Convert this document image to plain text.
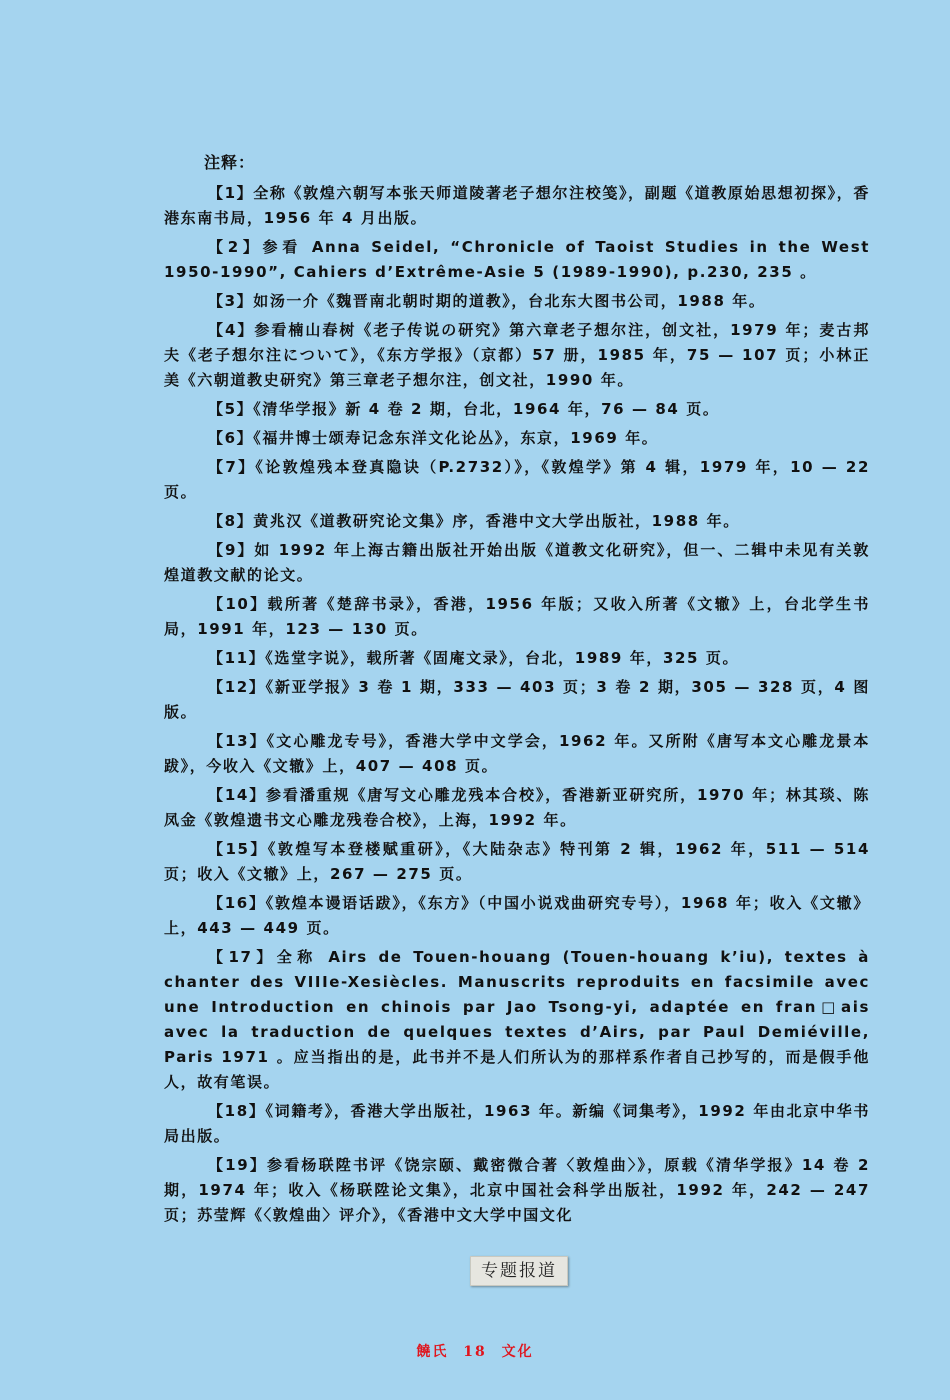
注释：

【1】全称《敦煌六朝写本张天师道陵著老子想尔注校笺》，副题《道教原始思想初探》，香港东南书局，1956 年 4 月出版。

【2】参看 Anna Seidel, “Chronicle of Taoist Studies in the West 1950-1990”, Cahiers d’Extrême-Asie 5 (1989-1990), p.230, 235 。

【3】如汤一介《魏晋南北朝时期的道教》，台北东大图书公司，1988 年。

【4】参看楠山春树《老子传说の研究》第六章老子想尔注，创文社，1979 年；麦古邦夫《老子想尔注について》，《东方学报》（京都）57 册，1985 年，75 — 107 页；小林正美《六朝道教史研究》第三章老子想尔注，创文社，1990 年。

【5】《清华学报》新 4 卷 2 期，台北，1964 年，76 — 84 页。

【6】《福井博士颂寿记念东洋文化论丛》，东京，1969 年。

【7】《论敦煌残本登真隐诀（P.2732）》，《敦煌学》第 4 辑，1979 年，10 — 22 页。

【8】黄兆汉《道教研究论文集》序，香港中文大学出版社，1988 年。

【9】如 1992 年上海古籍出版社开始出版《道教文化研究》，但一、二辑中未见有关敦煌道教文献的论文。

【10】载所著《楚辞书录》，香港，1956 年版；又收入所著《文辙》上，台北学生书局，1991 年，123 — 130 页。

【11】《选堂字说》，载所著《固庵文录》，台北，1989 年，325 页。

【12】《新亚学报》3 卷 1 期，333 — 403 页；3 卷 2 期，305 — 328 页，4 图版。

【13】《文心雕龙专号》，香港大学中文学会，1962 年。又所附《唐写本文心雕龙景本跋》，今收入《文辙》上，407 — 408 页。

【14】参看潘重规《唐写文心雕龙残本合校》，香港新亚研究所，1970 年；林其琰、陈凤金《敦煌遗书文心雕龙残卷合校》，上海，1992 年。

【15】《敦煌写本登楼赋重研》，《大陆杂志》特刊第 2 辑，1962 年，511 — 514 页；收入《文辙》上，267 — 275 页。

【16】《敦煌本谩语话跋》，《东方》（中国小说戏曲研究专号），1968 年；收入《文辙》上，443 — 449 页。

【17】全称 Airs de Touen-houang (Touen-houang k’iu), textes à chanter des VIIIe-Xesiècles. Manuscrits reproduits en facsimile avec une Introduction en chinois par Jao Tsong-yi, adaptée en fran□ais avec la traduction de quelques textes d’Airs, par Paul Demiéville, Paris 1971 。应当指出的是，此书并不是人们所认为的那样系作者自己抄写的，而是假手他人，故有笔误。

【18】《词籍考》，香港大学出版社，1963 年。新编《词集考》，1992 年由北京中华书局出版。

【19】参看杨联陞书评《饶宗颐、戴密微合著〈敦煌曲〉》，原载《清华学报》14 卷 2 期，1974 年；收入《杨联陞论文集》，北京中国社会科学出版社，1992 年，242 — 247 页；苏莹辉《〈敦煌曲〉评介》，《香港中文大学中国文化

专题报道
饒氏 18 文化
